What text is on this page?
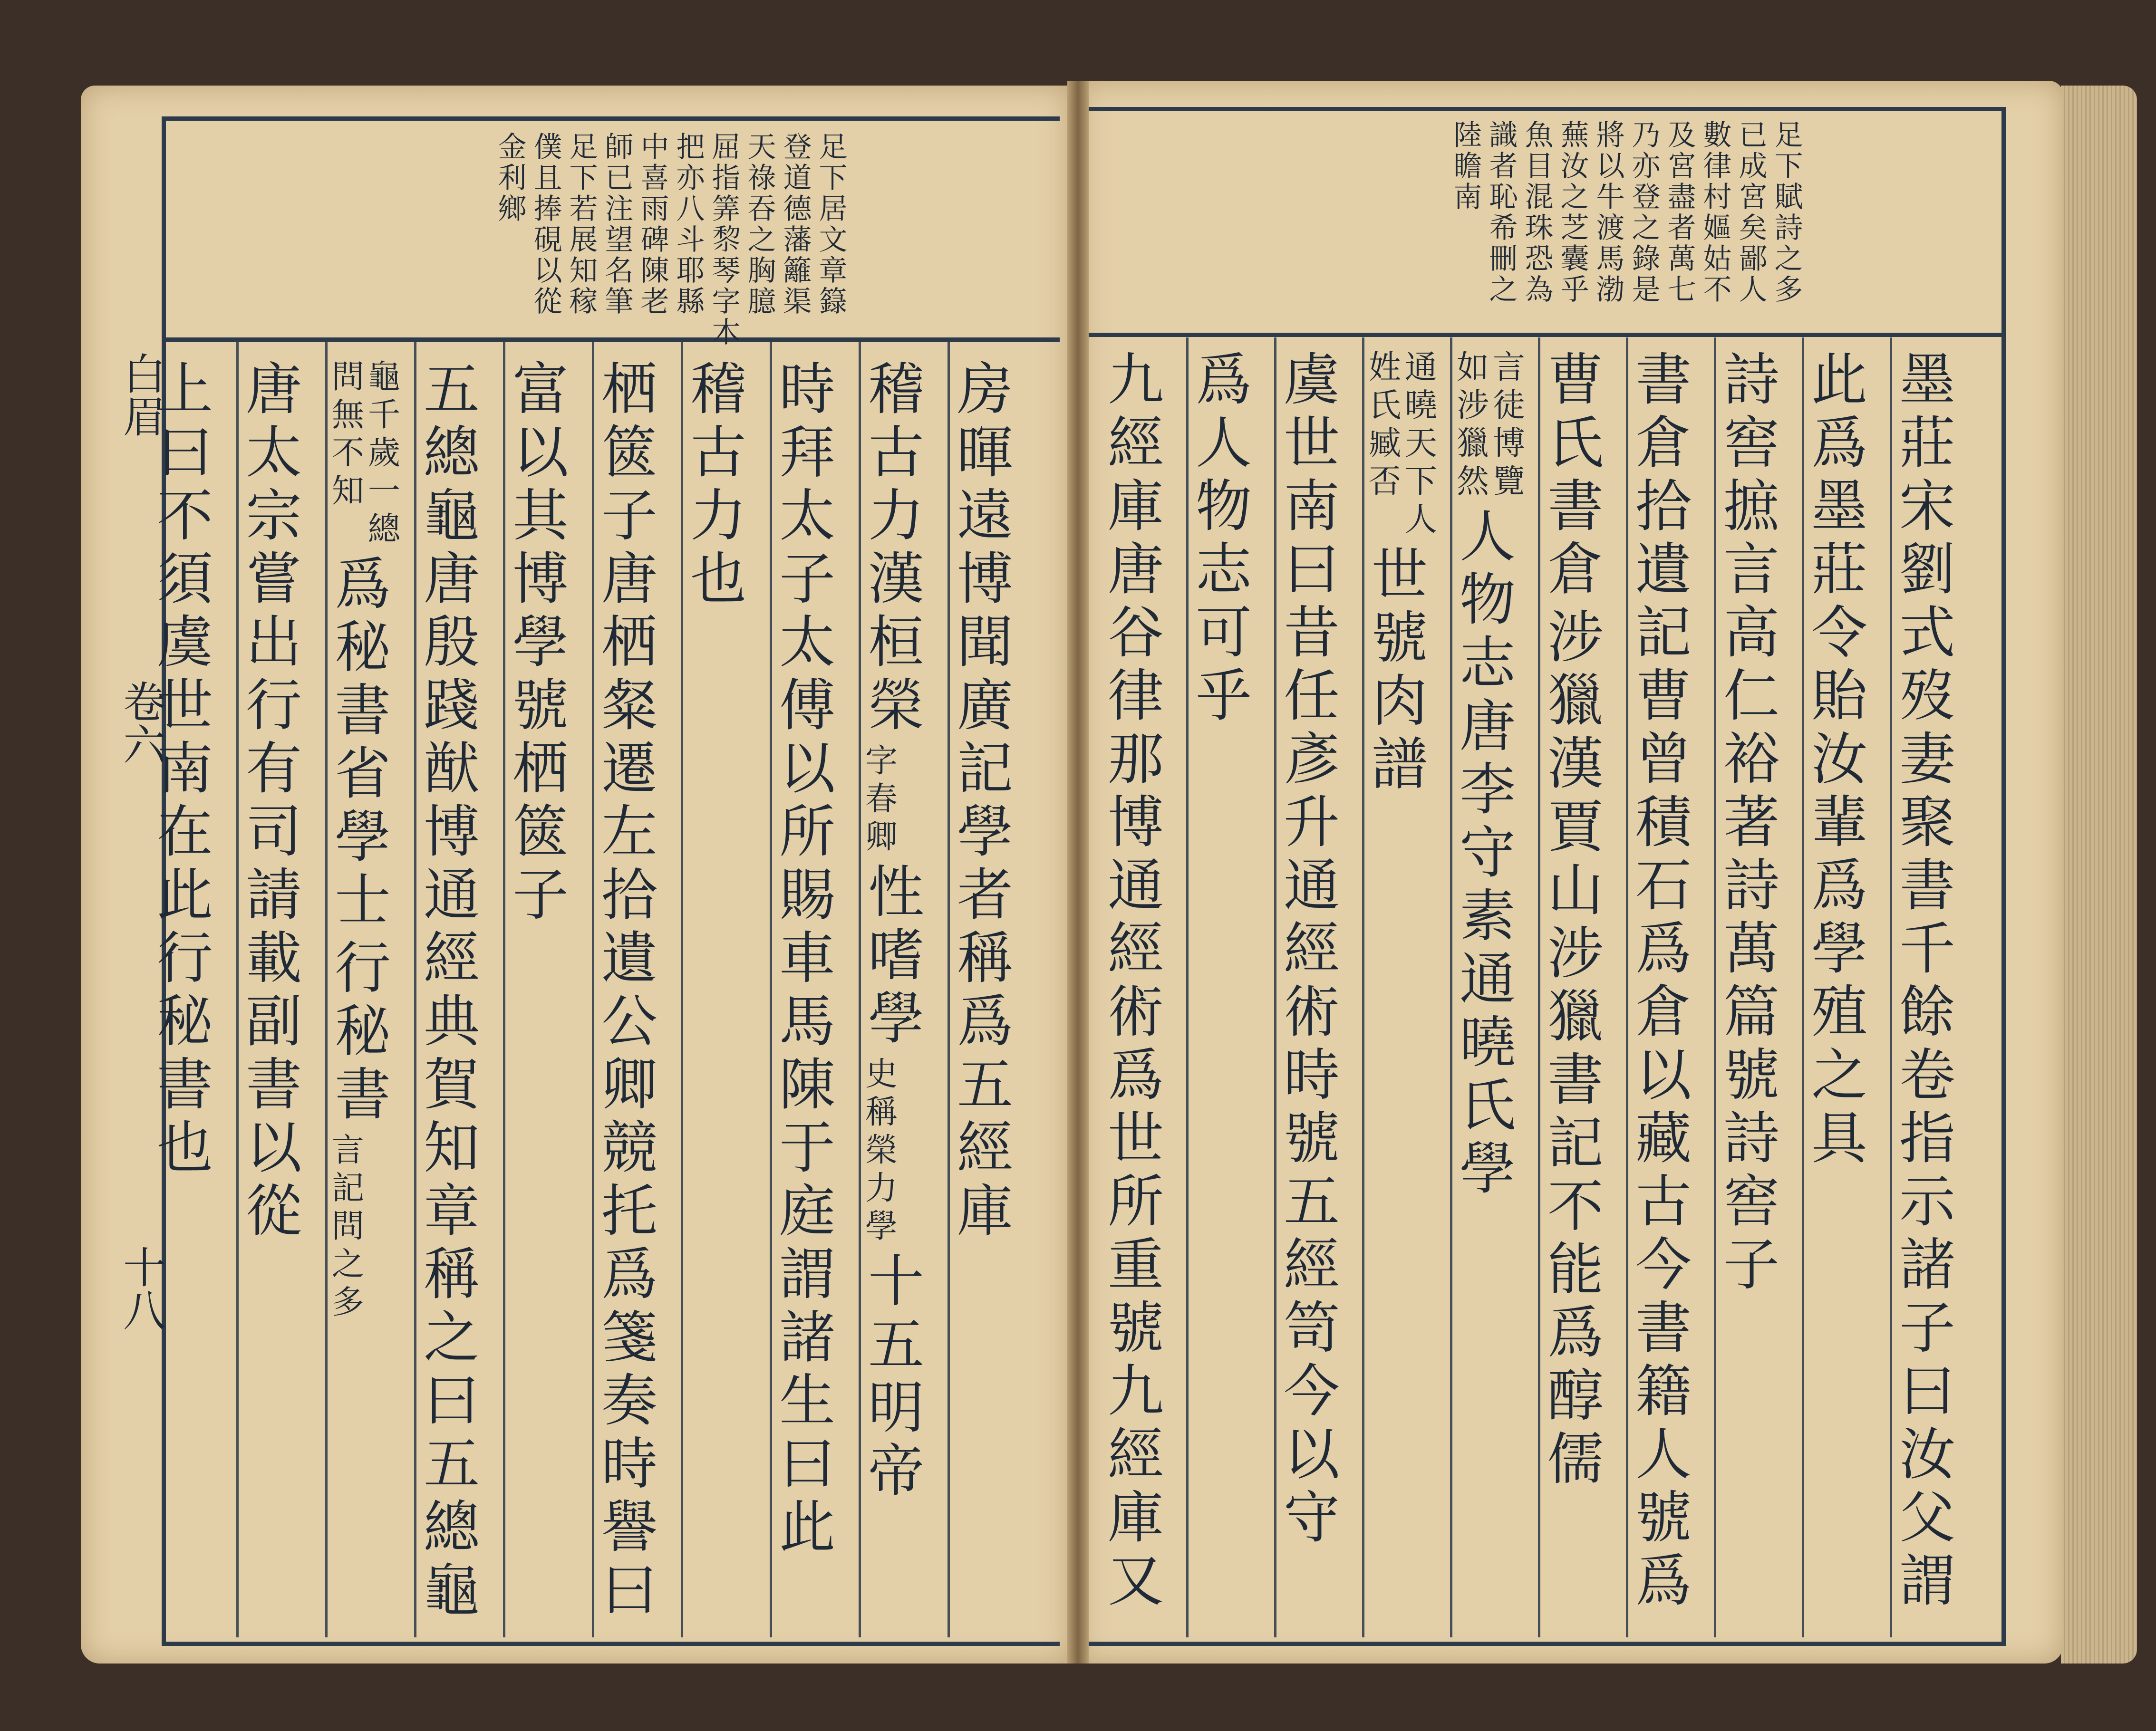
白眉
卷六
十八
足
下
居
文
章
籙
登
道
德
藩
籬
渠
天
祿
吞
之
胸
臆
屈
指
筭
𥟖
琴
字
木
把
亦
八
斗
耶
縣
中
喜
雨
碑
陳
老
師
已
注
望
名
筆
足
下
若
展
知
稼
僕
且
捧
硯
以
從
金
利
鄉
足
下
賦
詩
之
多
已
成
宮
矣
鄙
人
數
律
村
嫗
姑
不
及
宮
盡
者
萬
七
乃
亦
登
之
錄
是
將
以
牛
渡
馬
渤
蕪
汝
之
芝
囊
乎
魚
目
混
珠
恐
為
識
者
恥
希
刪
之
陸
瞻
南
房
暉
遠
博
聞
廣
記
學
者
稱
爲
五
經
庫
稽
古
力
漢
桓
榮
字
春
卿
性
嗜
學
史
稱
榮
力
學
十
五
明
帝
時
拜
太
子
太
傅
以
所
賜
車
馬
陳
于
庭
謂
諸
生
曰
此
稽
古
力
也
栖
篋
子
唐
栖
粲
遷
左
拾
遺
公
卿
競
托
爲
箋
奏
時
譽
曰
富
以
其
博
學
號
栖
篋
子
五
總
龜
唐
殷
踐
猷
博
通
經
典
賀
知
章
稱
之
曰
五
總
龜
龜
千
歲
一
總
問
無
不
知
爲
秘
書
省
學
士
行
秘
書
言
記
問
之
多
唐
太
宗
嘗
出
行
有
司
請
載
副
書
以
從
上
曰
不
須
虞
世
南
在
此
行
秘
書
也
墨
莊
宋
劉
式
歿
妻
聚
書
千
餘
卷
指
示
諸
子
曰
汝
父
謂
此
爲
墨
莊
令
貽
汝
輩
爲
學
殖
之
具
詩
窖
摭
言
高
仁
裕
著
詩
萬
篇
號
詩
窖
子
書
倉
拾
遺
記
曹
曾
積
石
爲
倉
以
藏
古
今
書
籍
人
號
爲
曹
氏
書
倉
涉
獵
漢
賈
山
涉
獵
書
記
不
能
爲
醇
儒
言
徒
博
覽
如
涉
獵
然
人
物
志
唐
李
守
素
通
曉
氏
學
通
曉
天
下
人
姓
氏
臧
否
世
號
肉
譜
虞
世
南
曰
昔
任
彥
升
通
經
術
時
號
五
經
笥
今
以
守
爲
人
物
志
可
乎
九
經
庫
唐
谷
律
那
博
通
經
術
爲
世
所
重
號
九
經
庫
又
